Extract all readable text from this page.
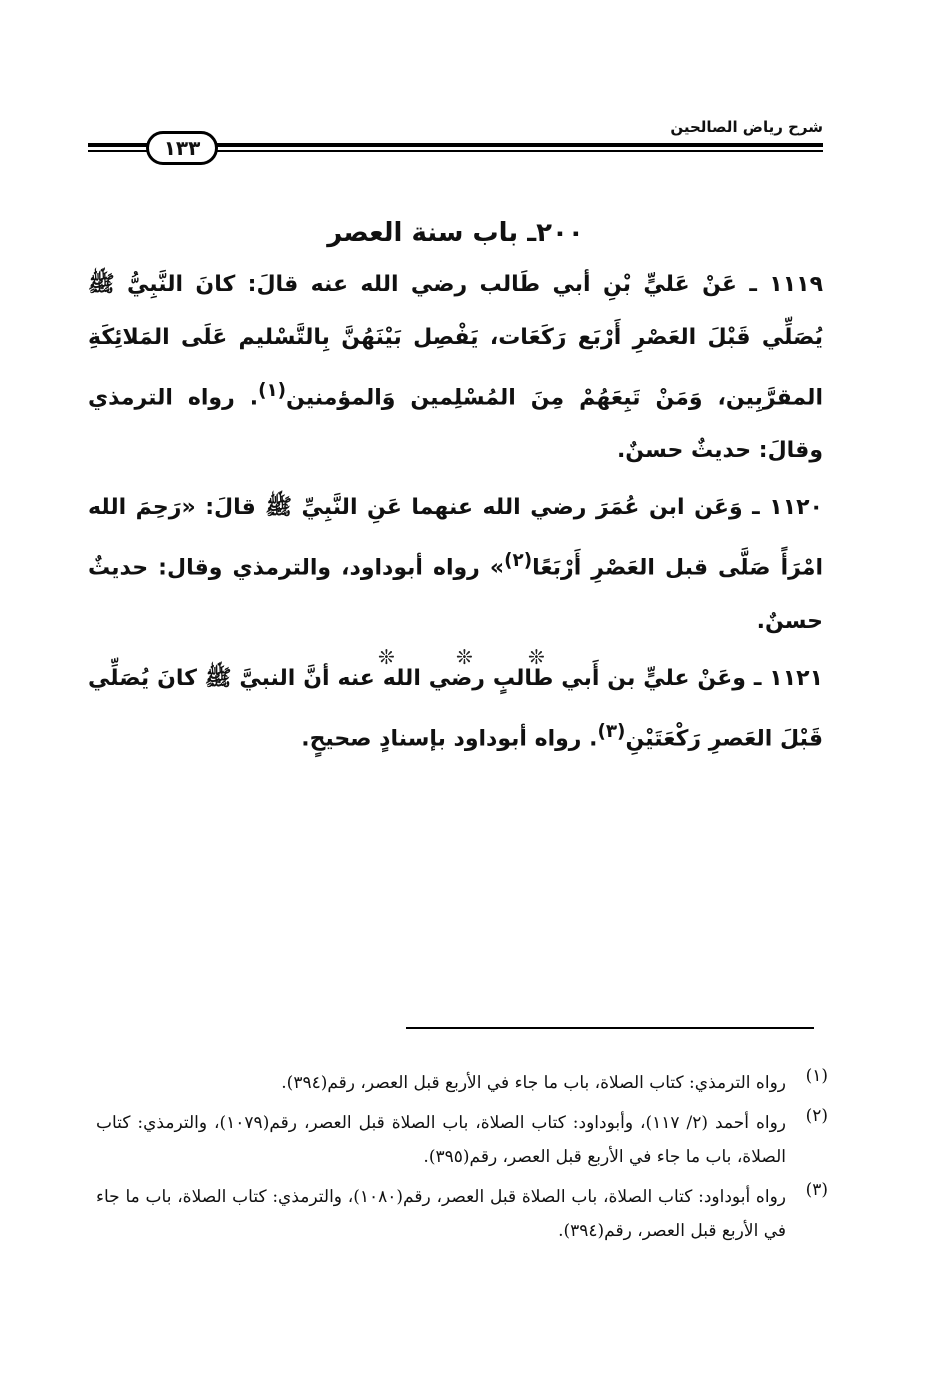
شرح رياض الصالحين
١٣٣
٢٠٠ـ باب سنة العصر

١١١٩ ـ عَنْ عَليٍّ بْنِ أبي طَالب رضي الله عنه قالَ: كانَ النَّبِيُّ ﷺ يُصَلِّي قَبْلَ العَصْرِ أَرْبَع رَكَعَات، يَفْصِل بَيْنَهُنَّ بِالتَّسْليم عَلَى المَلائِكَةِ المقرَّبِين، وَمَنْ تَبِعَهُمْ مِنَ المُسْلِمين وَالمؤمنين$^{(١)}$. رواه الترمذي وقالَ: حديثٌ حسنٌ.

١١٢٠ ـ وَعَن ابن عُمَرَ رضي الله عنهما عَنِ النَّبِيِّ ﷺ قالَ: «رَحِمَ الله امْرَأً صَلَّى قبل العَصْرِ أَرْبَعًا$^{(٢)}$» رواه أبوداود، والترمذي وقال: حديثٌ حسنٌ.

١١٢١ ـ وعَنْ عليٍّ بن أَبي طالبٍ رضي الله عنه أنَّ النبيَّ ﷺ كانَ يُصَلِّي قَبْلَ العَصرِ رَكْعَتَيْنِ$^{(٣)}$. رواه أبوداود بإسنادٍ صحيحٍ.

❊	❊	❊
(١)
رواه الترمذي: كتاب الصلاة، باب ما جاء في الأربع قبل العصر، رقم(٣٩٤).
(٢)
رواه أحمد (٢/ ١١٧)، وأبوداود: كتاب الصلاة، باب الصلاة قبل العصر، رقم(١٠٧٩)، والترمذي: كتاب الصلاة، باب ما جاء في الأربع قبل العصر، رقم(٣٩٥).
(٣)
رواه أبوداود: كتاب الصلاة، باب الصلاة قبل العصر، رقم(١٠٨٠)، والترمذي: كتاب الصلاة، باب ما جاء في الأربع قبل العصر، رقم(٣٩٤).
